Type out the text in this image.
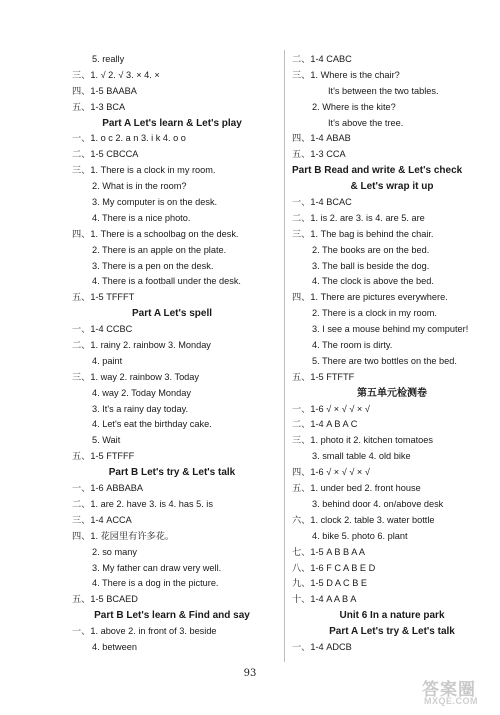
5. really
三、1. √ 2. √ 3. × 4. ×
四、1-5 BAABA
五、1-3 BCA
Part A Let's learn & Let's play
一、1. o c 2. a n 3. i k 4. o o
二、1-5 CBCCA
三、1. There is a clock in my room.
2. What is in the room?
3. My computer is on the desk.
4. There is a nice photo.
四、1. There is a schoolbag on the desk.
2. There is an apple on the plate.
3. There is a pen on the desk.
4. There is a football under the desk.
五、1-5 TFFFT
Part A Let's spell
一、1-4 CCBC
二、1. rainy 2. rainbow 3. Monday
4. paint
三、1. way 2. rainbow 3. Today
4. way 2. Today Monday
3. It's a rainy day today.
4. Let's eat the birthday cake.
5. Wait
五、1-5 FTFFF
Part B Let's try & Let's talk
一、1-6 ABBABA
二、1. are 2. have 3. is 4. has 5. is
三、1-4 ACCA
四、1. 花园里有许多花。
2. so many
3. My father can draw very well.
4. There is a dog in the picture.
五、1-5 BCAED
Part B Let's learn & Find and say
一、1. above 2. in front of 3. beside
4. between
二、1-4 CABC
三、1. Where is the chair?
It's between the two tables.
2. Where is the kite?
It's above the tree.
四、1-4 ABAB
五、1-3 CCA
Part B Read and write & Let's check
& Let's wrap it up
一、1-4 BCAC
二、1. is 2. are 3. is 4. are 5. are
三、1. The bag is behind the chair.
2. The books are on the bed.
3. The ball is beside the dog.
4. The clock is above the bed.
四、1. There are pictures everywhere.
2. There is a clock in my room.
3. I see a mouse behind my computer!
4. The room is dirty.
5. There are two bottles on the bed.
五、1-5 FTFTF
第五单元检测卷
一、1-6 √ × √ √ × √
二、1-4 A B A C
三、1. photo it 2. kitchen tomatoes
3. small table 4. old bike
四、1-6 √ × √ √ × √
五、1. under bed 2. front house
3. behind door 4. on/above desk
六、1. clock 2. table 3. water bottle
4. bike 5. photo 6. plant
七、1-5 A B B A A
八、1-6 F C A B E D
九、1-5 D A C B E
十、1-4 A A B A
Unit 6 In a nature park
Part A Let's try & Let's talk
一、1-4 ADCB
93
答案圈
MXQE.COM
